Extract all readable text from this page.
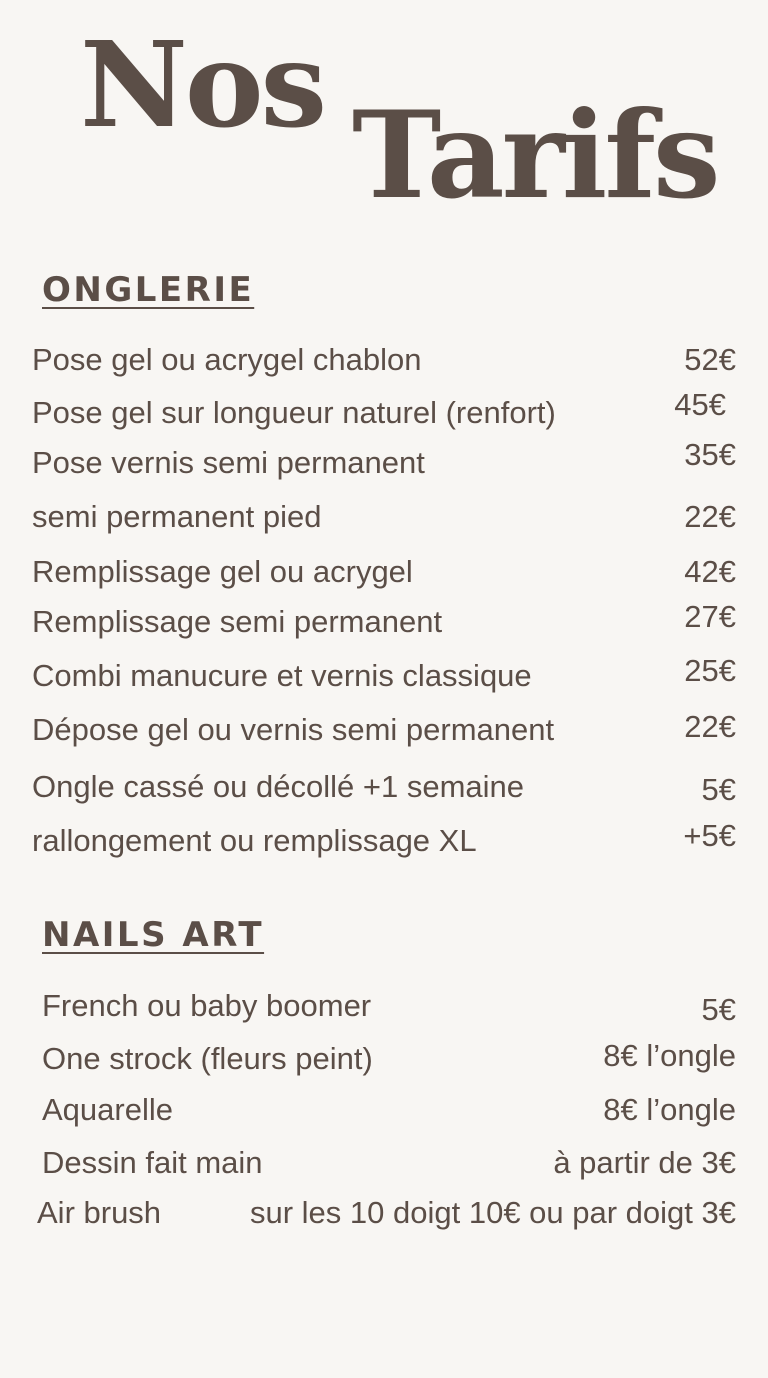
Nos
Tarifs
ONGLERIE
Pose gel ou acrygel chablon	52€
Pose gel sur longueur naturel (renfort)	45€
Pose vernis semi permanent	35€
semi permanent pied	22€
Remplissage gel ou acrygel	42€
Remplissage semi permanent	27€
Combi manucure et vernis classique	25€
Dépose gel ou vernis semi permanent	22€
Ongle cassé ou décollé +1 semaine	5€
rallongement ou remplissage XL	+5€
NAILS ART
French ou baby boomer	5€
One strock (fleurs peint)	8€ l’ongle
Aquarelle	8€ l’ongle
Dessin fait main	à partir de 3€
Air brush	sur les 10 doigt 10€ ou par doigt 3€
